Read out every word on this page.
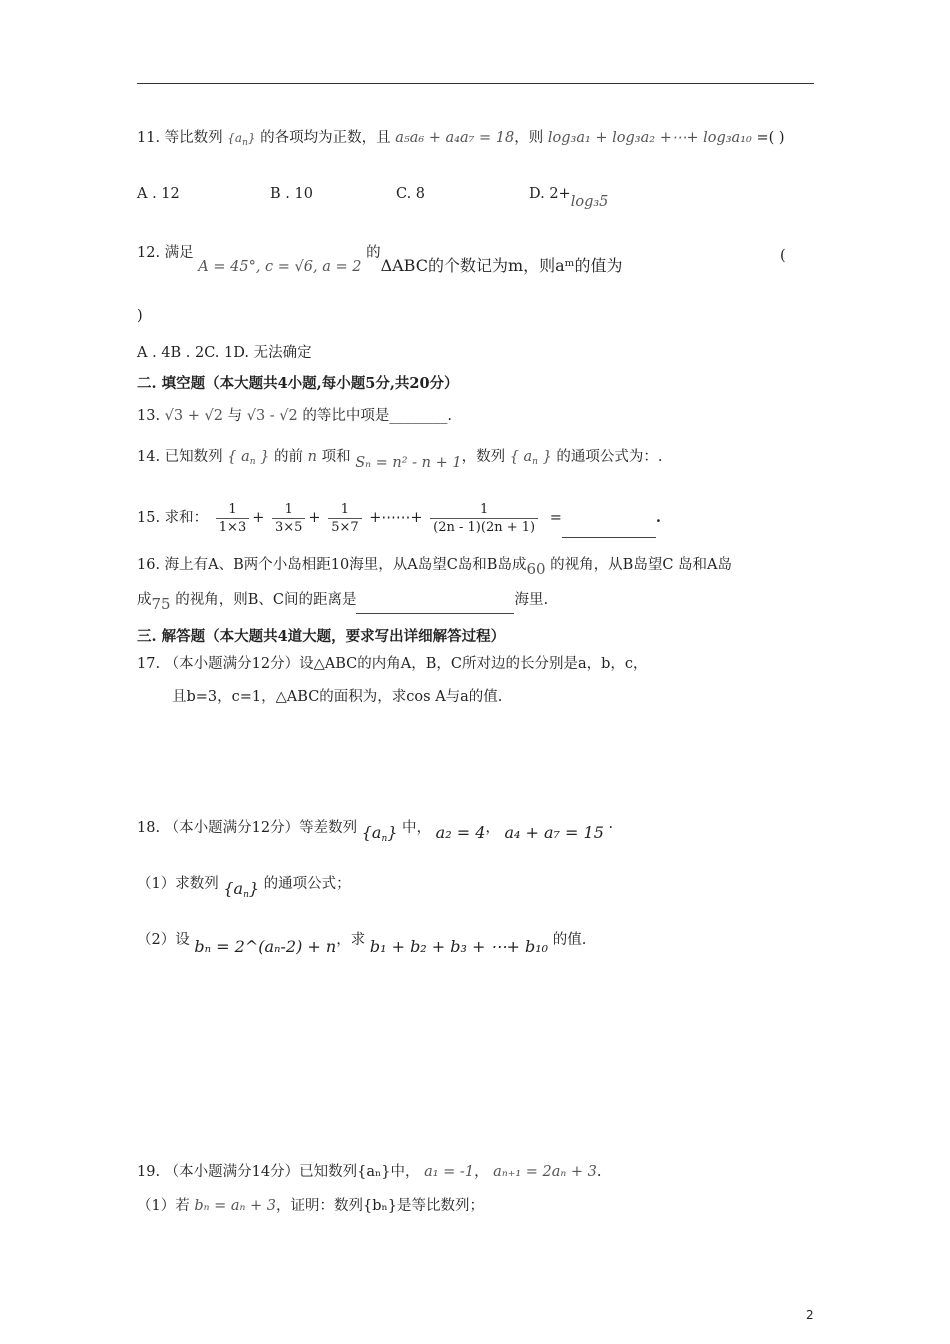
11. 等比数列 $\{a_n\}$ 的各项均为正数，且 a₅a₆ + a₄a₇ = 18，则 log₃a₁ + log₃a₂ +⋯+ log₃a₁₀ =( )
A . 12	B . 10	C. 8	D. 2+log₃5
12. 满足 A = 45°, c = √6, a = 2 的ΔABC的个数记为m，则aᵐ的值为	(
)
A . 4B . 2C. 1D. 无法确定
二. 填空题（本大题共4小题,每小题5分,共20分）
13. √3 + √2 与 √3 - √2 的等比中项是________.
14. 已知数列 { $a_n$ } 的前 n 项和 Sₙ = n² - n + 1，数列 { $a_n$ } 的通项公式为：.
15. 求和： $\frac{1}{1\times 3} + \frac{1}{3\times 5} + \frac{1}{5\times 7}$ +⋯⋯+ $\frac{1}{(2n - 1)(2n + 1)}$ =	.
16. 海上有A、B两个小岛相距10海里，从A岛望C岛和B岛成60 的视角，从B岛望C 岛和A岛
成75 的视角，则B、C间的距离是	海里.
三. 解答题（本大题共4道大题，要求写出详细解答过程）
17. （本小题满分12分）设△ABC的内角A，B，C所对边的长分别是a，b，c，
且b=3，c=1，△ABC的面积为，求cos A与a的值.
18. （本小题满分12分）等差数列 $\{a_n\}$ 中， a₂ = 4， a₄ + a₇ = 15 ·
（1）求数列 $\{a_n\}$ 的通项公式；
（2）设 bₙ = 2^(aₙ-2) + n，求 b₁ + b₂ + b₃ + ⋯+ b₁₀ 的值.
19. （本小题满分14分）已知数列{aₙ}中， a₁ = -1， aₙ₊₁ = 2aₙ + 3.
（1）若 bₙ = aₙ + 3，证明：数列{bₙ}是等比数列；
2
